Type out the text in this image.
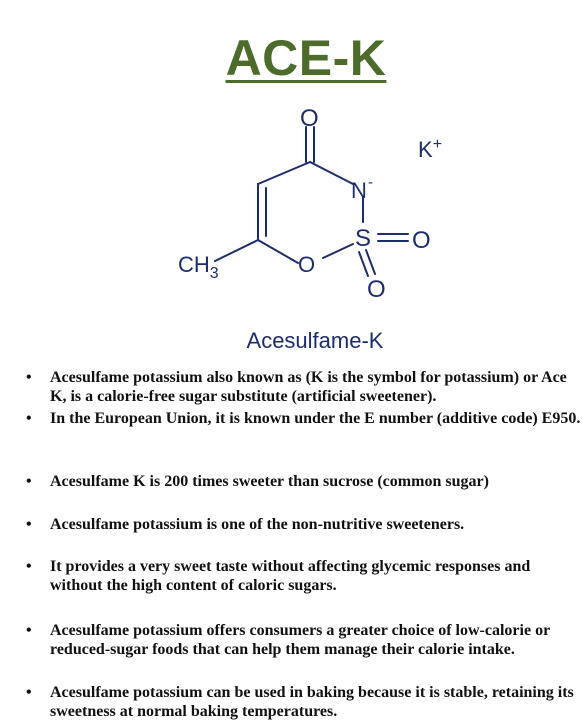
ACE-K
O
N -
S O
O
O
$CH_3$
K+
Acesulfame-K
• Acesulfame potassium also known as (K is the symbol for potassium) or Ace K, is a calorie-free sugar substitute (artificial sweetener).
• In the European Union, it is known under the E number (additive code) E950.
• Acesulfame K is 200 times sweeter than sucrose (common sugar)
• Acesulfame potassium is one of the non-nutritive sweeteners.
• It provides a very sweet taste without affecting glycemic responses and without the high content of caloric sugars.
• Acesulfame potassium offers consumers a greater choice of low-calorie or reduced-sugar foods that can help them manage their calorie intake.
• Acesulfame potassium can be used in baking because it is stable, retaining its sweetness at normal baking temperatures.
